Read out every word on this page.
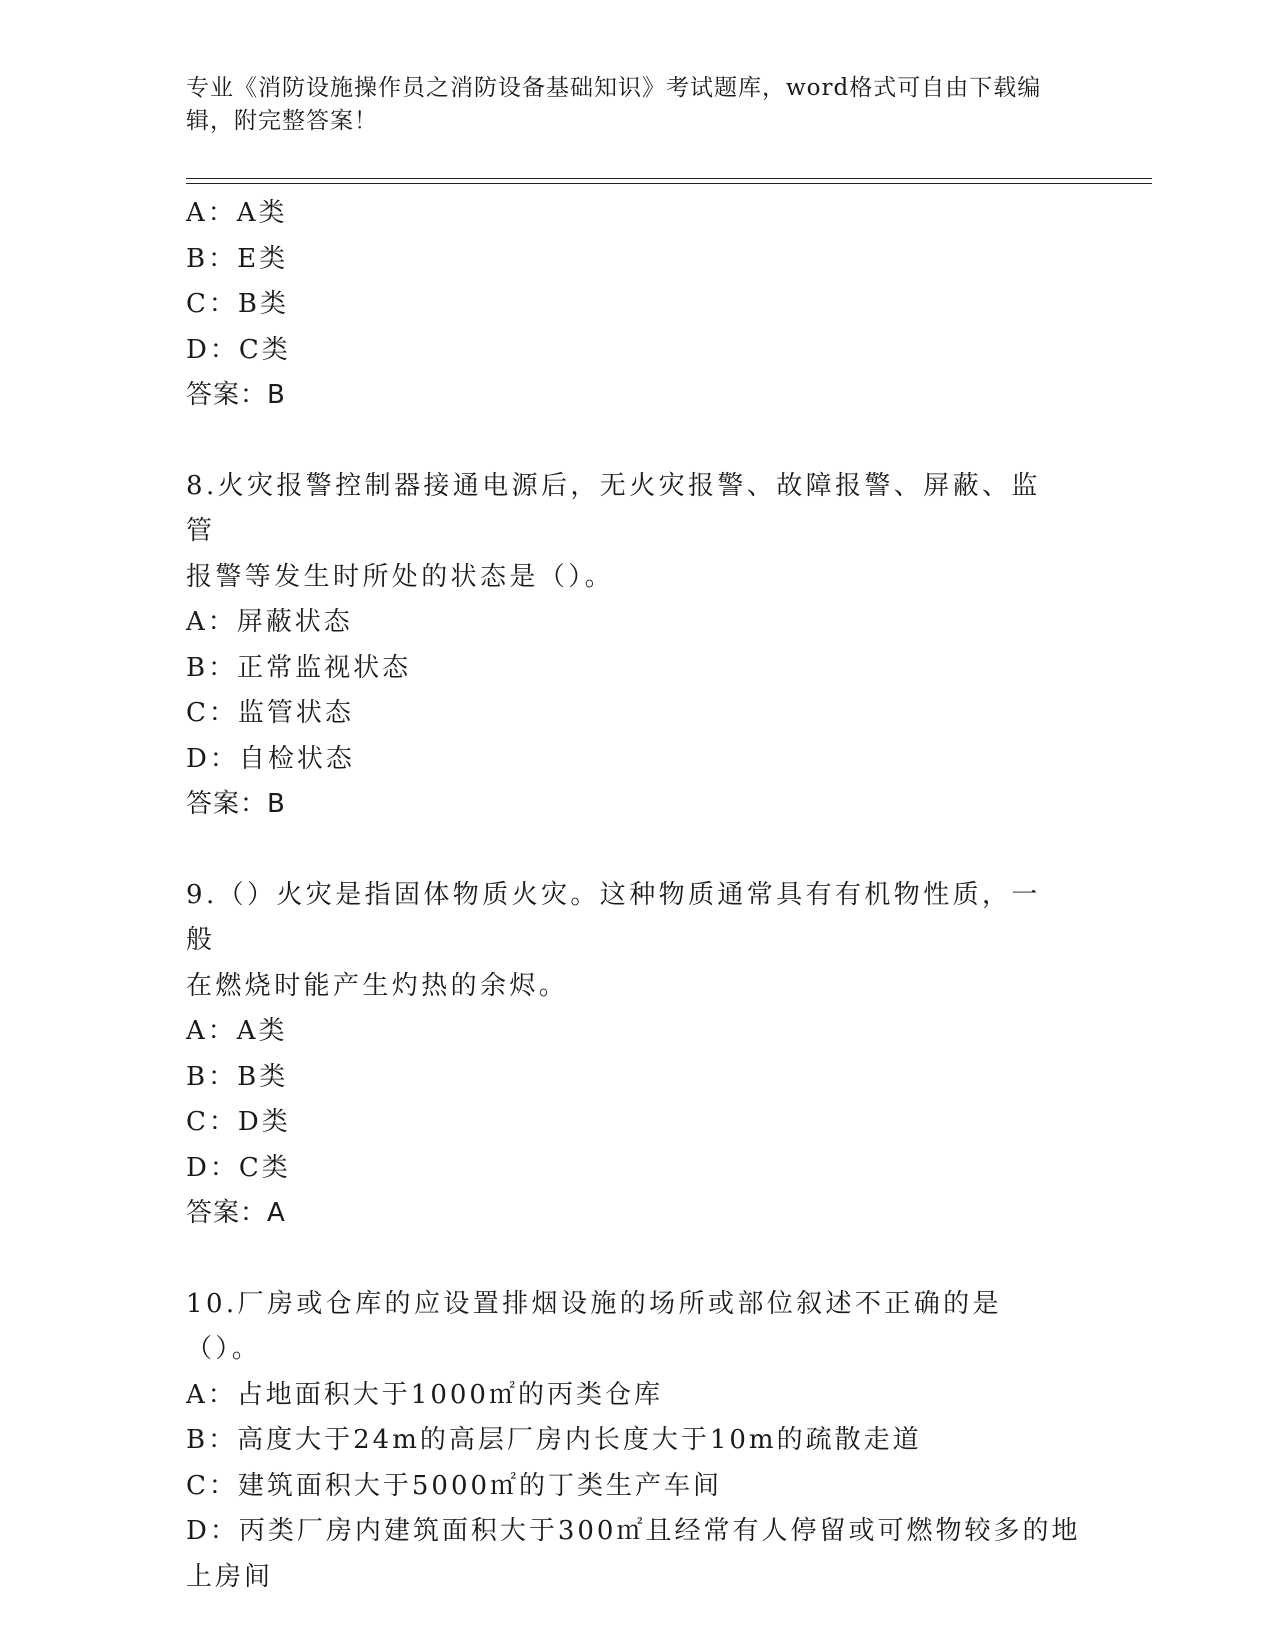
专业《消防设施操作员之消防设备基础知识》考试题库，word格式可自由下载编
辑，附完整答案！
A：A类
B：E类
C：B类
D：C类
答案：B
8.火灾报警控制器接通电源后，无火灾报警、故障报警、屏蔽、监管
报警等发生时所处的状态是（）。
A：屏蔽状态
B：正常监视状态
C：监管状态
D：自检状态
答案：B
9.（）火灾是指固体物质火灾。这种物质通常具有有机物性质，一般
在燃烧时能产生灼热的余烬。
A：A类
B：B类
C：D类
D：C类
答案：A
10.厂房或仓库的应设置排烟设施的场所或部位叙述不正确的是（）。
A：占地面积大于1000㎡的丙类仓库
B：高度大于24m的高层厂房内长度大于10m的疏散走道
C：建筑面积大于5000㎡的丁类生产车间
D：丙类厂房内建筑面积大于300㎡且经常有人停留或可燃物较多的地
上房间
